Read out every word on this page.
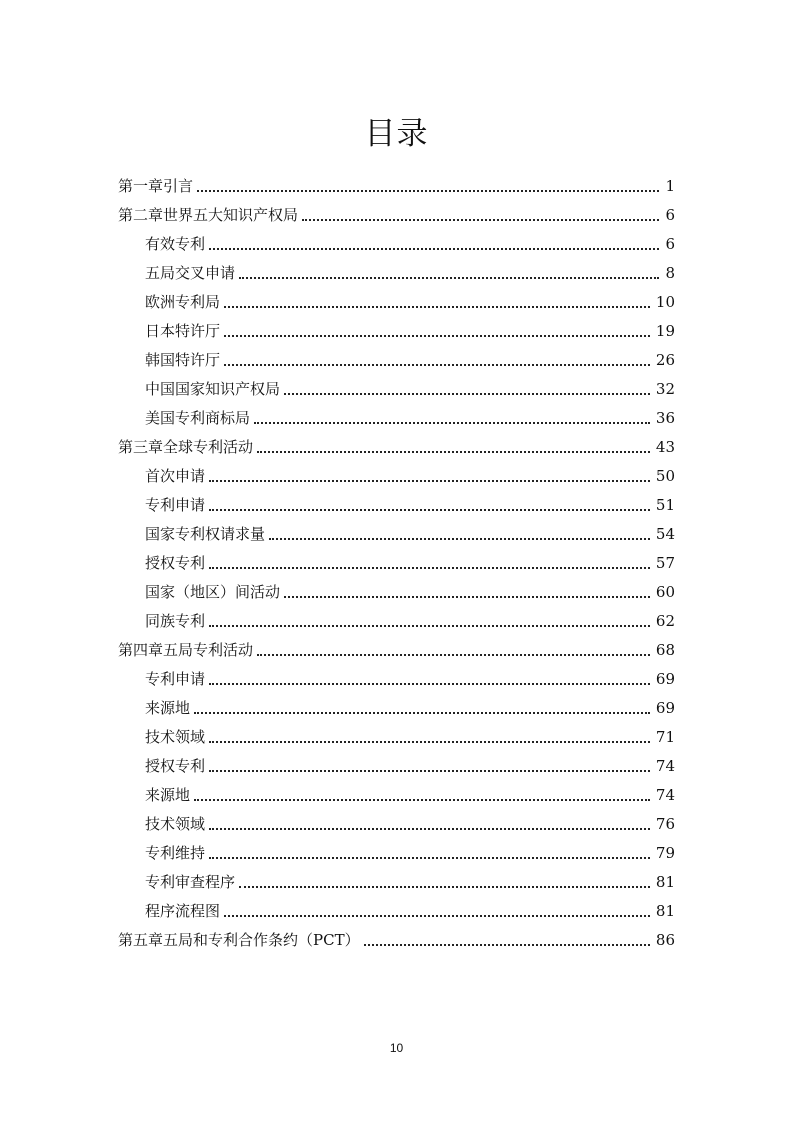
目录
第一章引言	1
第二章世界五大知识产权局	6
有效专利	6
五局交叉申请	8
欧洲专利局	10
日本特许厅	19
韩国特许厅	26
中国国家知识产权局	32
美国专利商标局	36
第三章全球专利活动	43
首次申请	50
专利申请	51
国家专利权请求量	54
授权专利	57
国家（地区）间活动	60
同族专利	62
第四章五局专利活动	68
专利申请	69
来源地	69
技术领域	71
授权专利	74
来源地	74
技术领域	76
专利维持	79
专利审查程序	81
程序流程图	81
第五章五局和专利合作条约（PCT）	86
10
